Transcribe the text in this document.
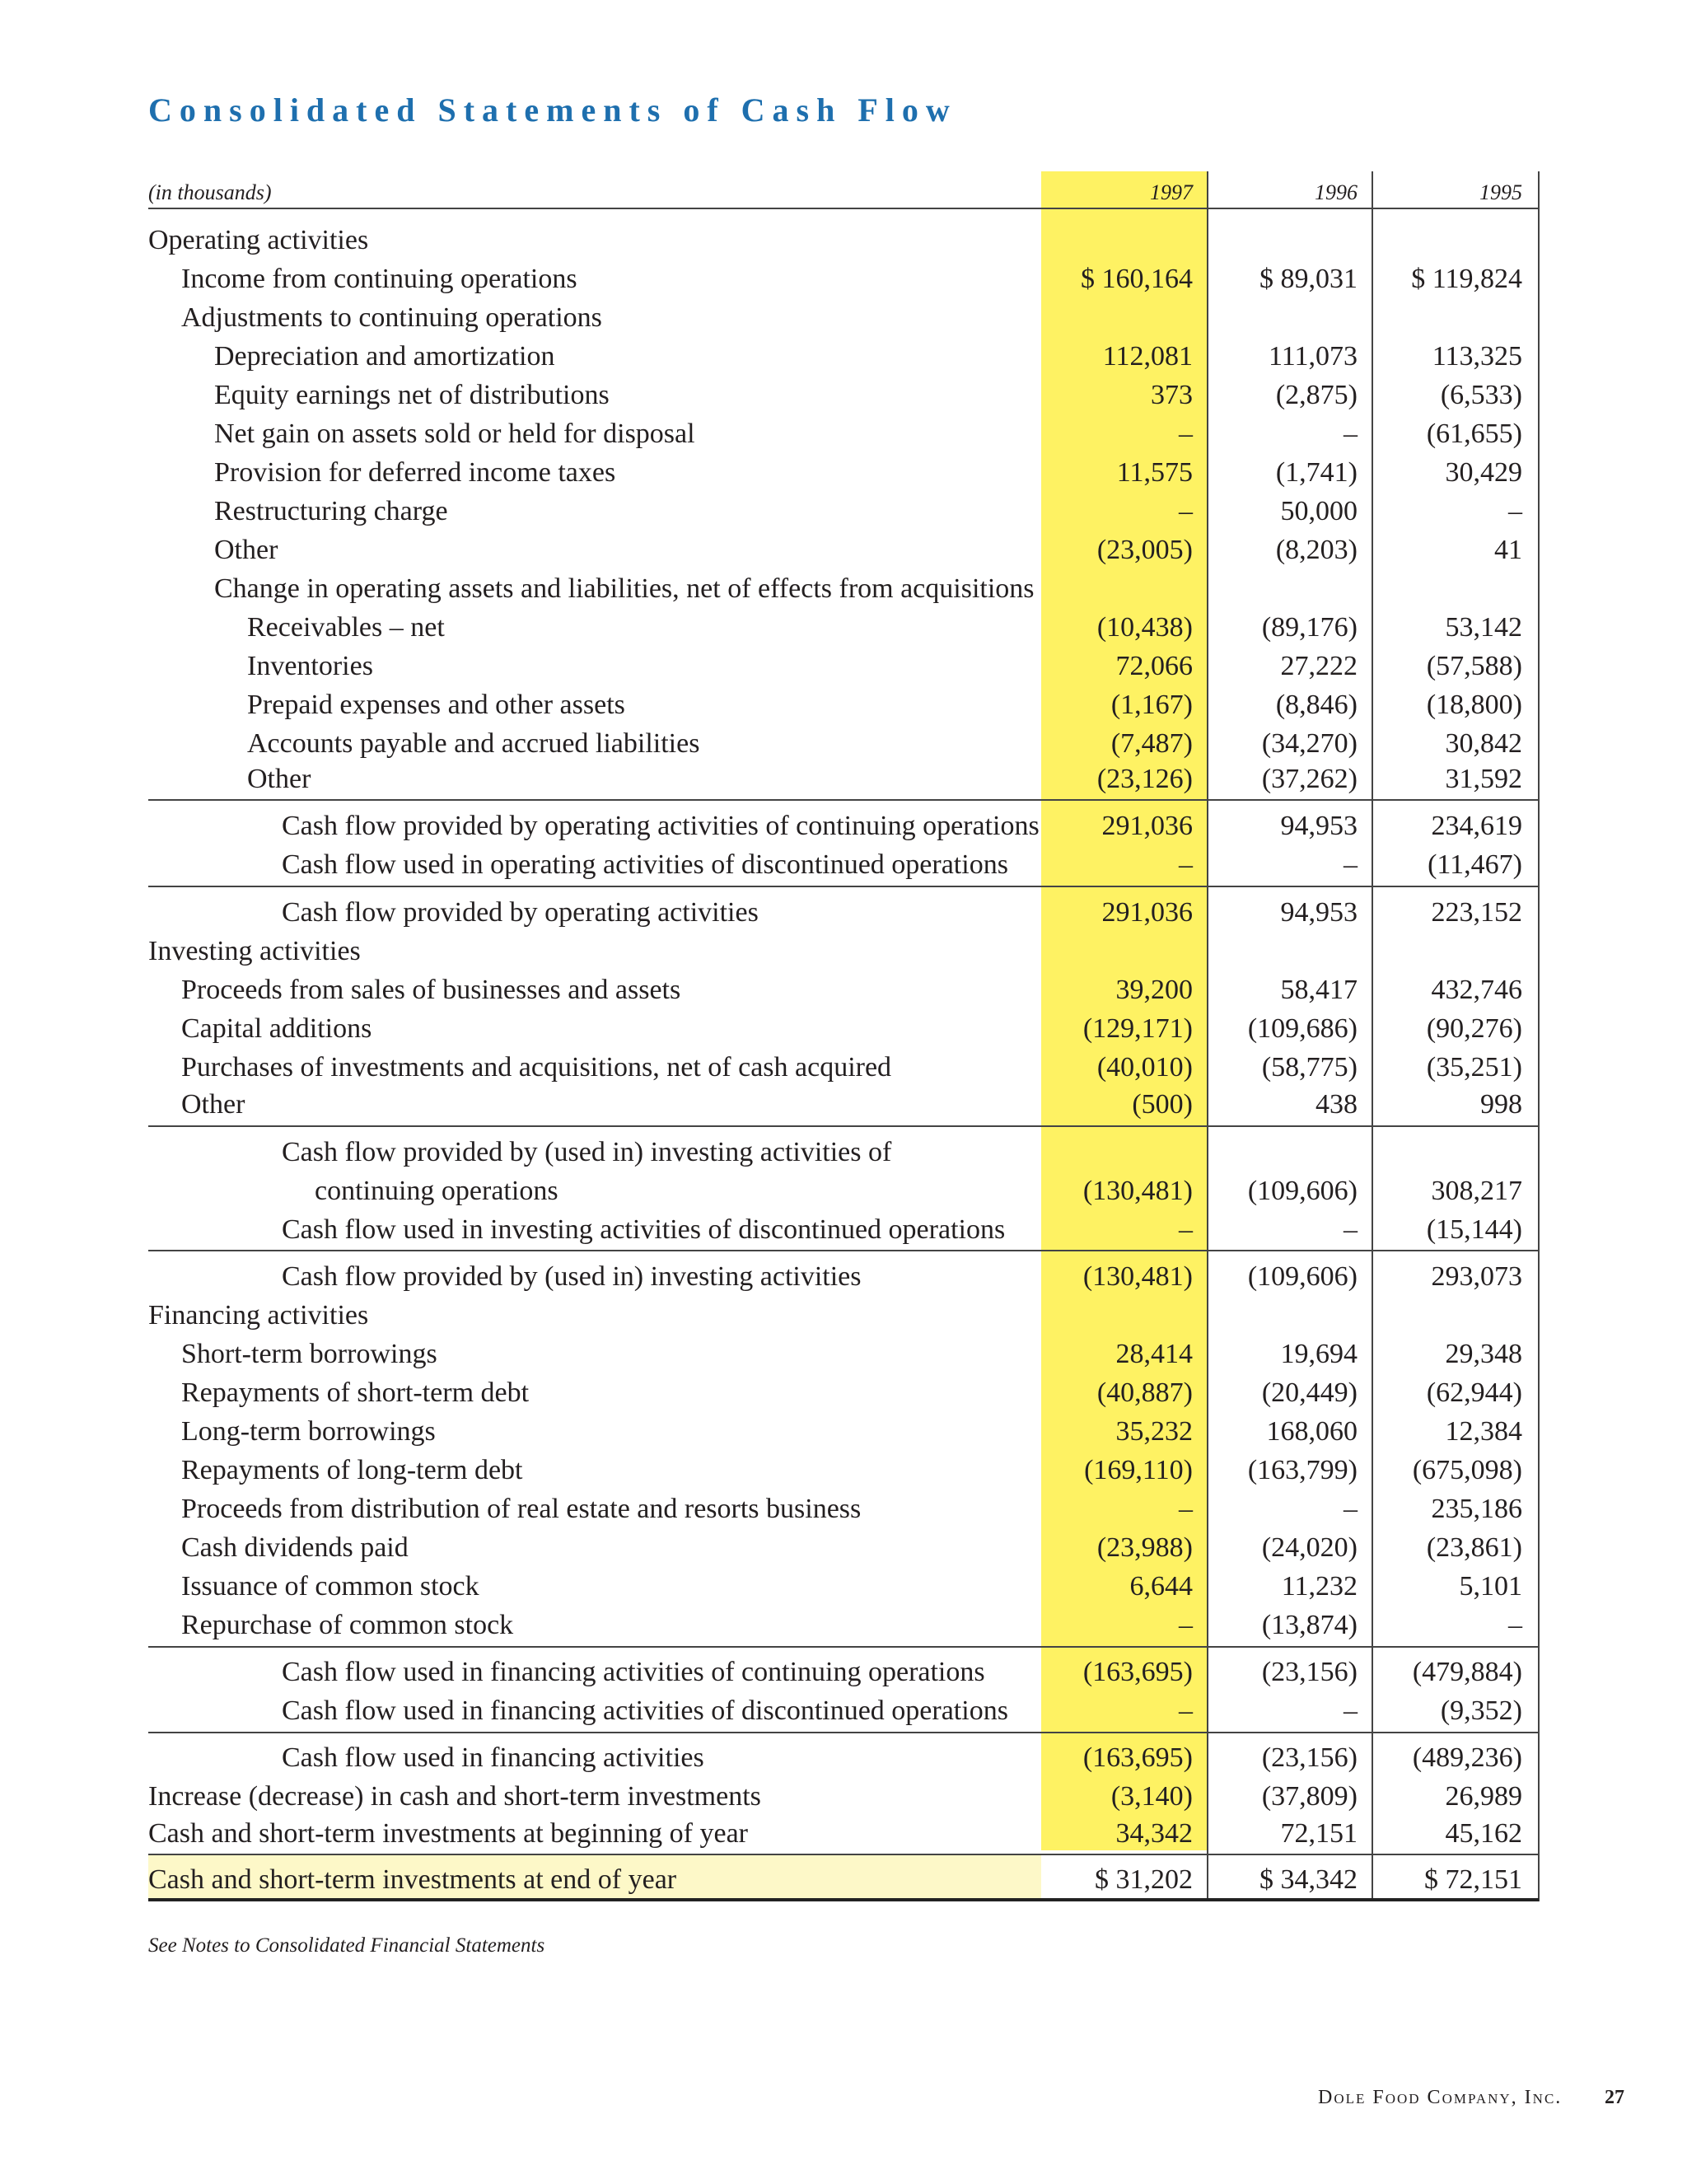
Consolidated Statements of Cash Flow
(in thousands)	1997	1996	1995
Operating activities
Income from continuing operations	$ 160,164 $ 89,031 $ 119,824
Adjustments to continuing operations
Depreciation and amortization	112,081	111,073	113,325
Equity earnings net of distributions	373	(2,875)	(6,533)
Net gain on assets sold or held for disposal	–	– (61,655)
Provision for deferred income taxes	11,575	(1,741)	30,429
Restructuring charge	–	50,000	–
Other	(23,005)	(8,203)	41
Change in operating assets and liabilities, net of effects from acquisitions
Receivables – net	(10,438) (89,176)	53,142
Inventories	72,066	27,222 (57,588)
Prepaid expenses and other assets	(1,167)	(8,846) (18,800)
Accounts payable and accrued liabilities	(7,487) (34,270)	30,842
Other	(23,126) (37,262)	31,592
Cash flow provided by operating activities of continuing operations 291,036	94,953	234,619
Cash flow used in operating activities of discontinued operations	–	–	(11,467)
Cash flow provided by operating activities	291,036	94,953	223,152
Investing activities
Proceeds from sales of businesses and assets	39,200	58,417	432,746
Capital additions	(129,171) (109,686) (90,276)
Purchases of investments and acquisitions, net of cash acquired	(40,010) (58,775) (35,251)
Other	(500)	438	998
Cash flow provided by (used in) investing activities of
continuing operations	(130,481) (109,606)	308,217
Cash flow used in investing activities of discontinued operations	–	– (15,144)
Cash flow provided by (used in) investing activities	(130,481) (109,606)	293,073
Financing activities
Short-term borrowings	28,414	19,694	29,348
Repayments of short-term debt	(40,887) (20,449) (62,944)
Long-term borrowings	35,232	168,060	12,384
Repayments of long-term debt	(169,110) (163,799) (675,098)
Proceeds from distribution of real estate and resorts business	–	–	235,186
Cash dividends paid	(23,988) (24,020) (23,861)
Issuance of common stock	6,644	11,232	5,101
Repurchase of common stock	– (13,874)	–
Cash flow used in financing activities of continuing operations	(163,695) (23,156) (479,884)
Cash flow used in financing activities of discontinued operations	–	–	(9,352)
Cash flow used in financing activities	(163,695) (23,156) (489,236)
Increase (decrease) in cash and short-term investments	(3,140) (37,809)	26,989
Cash and short-term investments at beginning of year	34,342	72,151	45,162
Cash and short-term investments at end of year	$ 31,202 $ 34,342 $ 72,151
See Notes to Consolidated Financial Statements
Dole Food Company, Inc. 27
